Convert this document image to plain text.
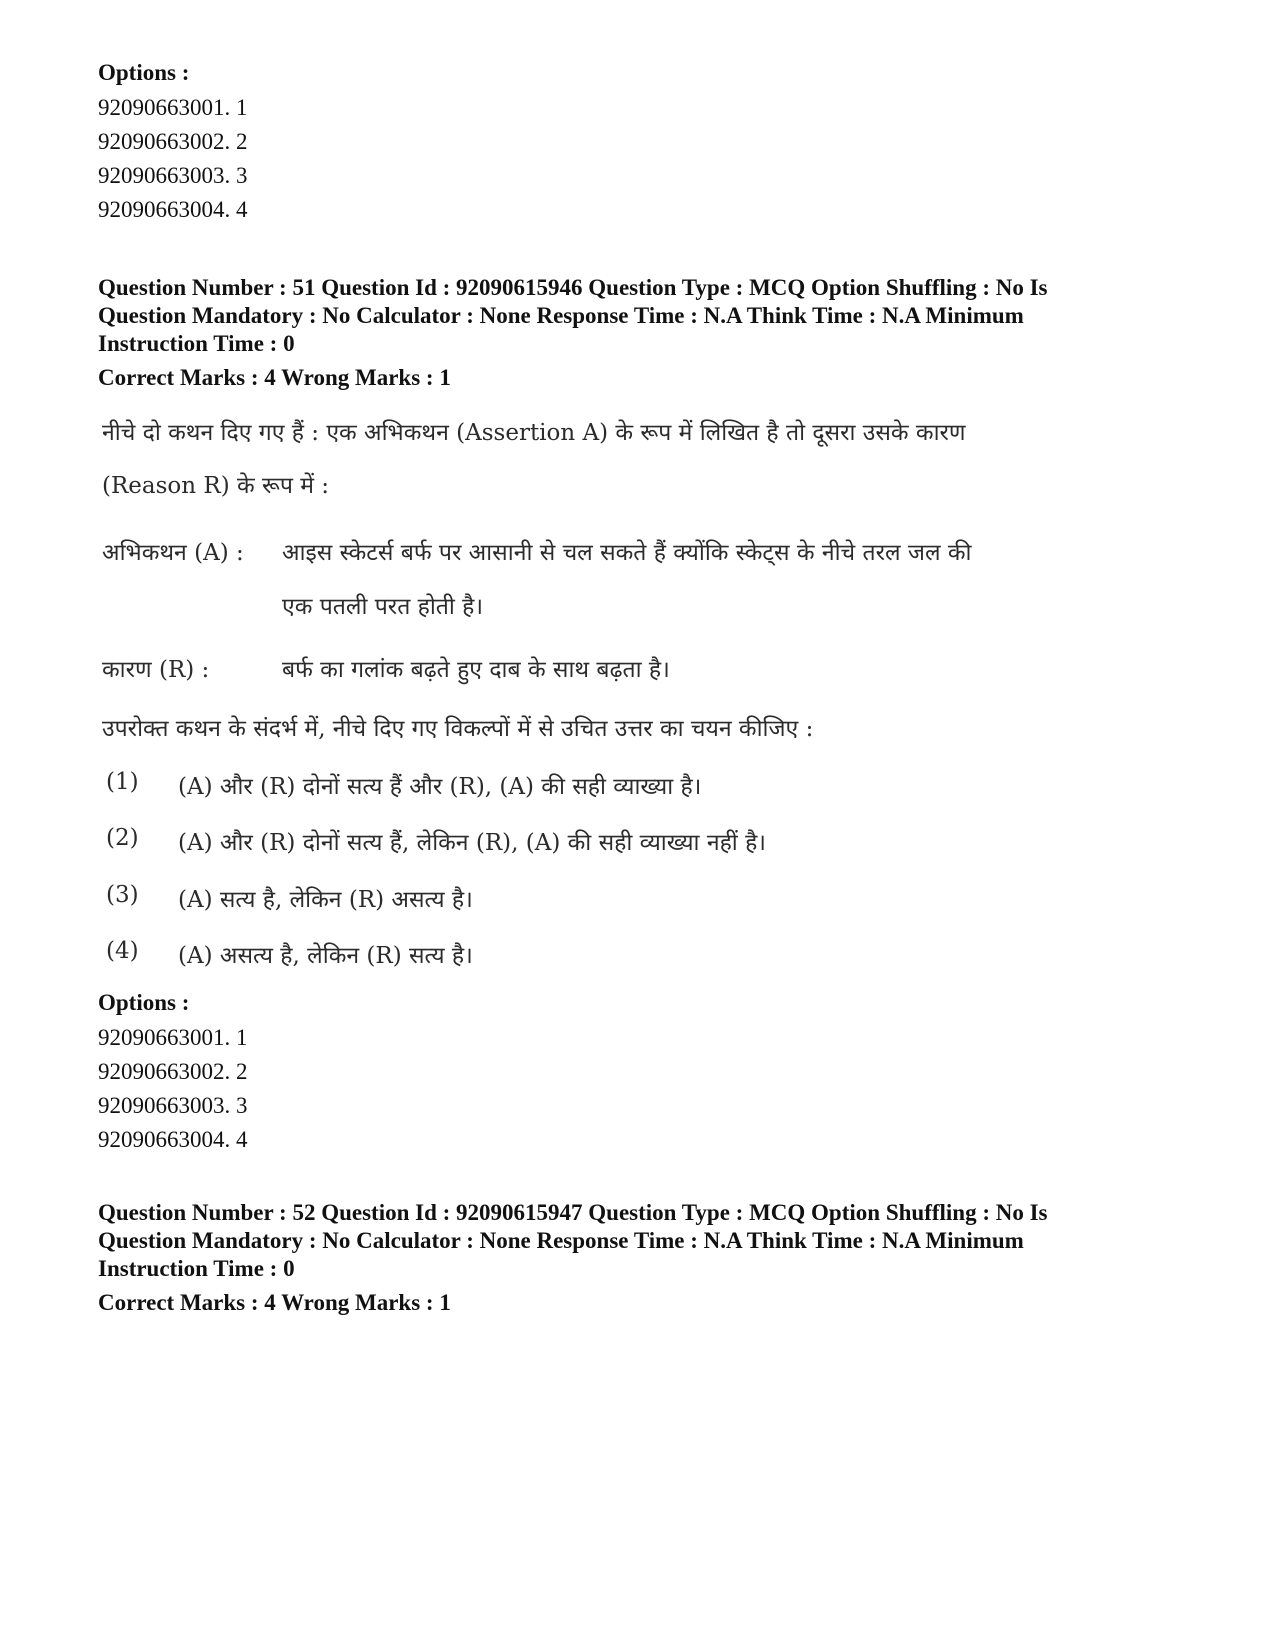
Options :

92090663001. 1

92090663002. 2

92090663003. 3

92090663004. 4

Question Number : 51 Question Id : 92090615946 Question Type : MCQ Option Shuffling : No Is

Question Mandatory : No Calculator : None Response Time : N.A Think Time : N.A Minimum

Instruction Time : 0

Correct Marks : 4 Wrong Marks : 1

नीचे दो कथन दिए गए हैं : एक अभिकथन (Assertion A) के रूप में लिखित है तो दूसरा उसके कारण
(Reason R) के रूप में :
अभिकथन (A) : आइस स्केटर्स बर्फ पर आसानी से चल सकते हैं क्योंकि स्केट्स के नीचे तरल जल की
एक पतली परत होती है।
कारण (R) :	बर्फ का गलांक बढ़ते हुए दाब के साथ बढ़ता है।
उपरोक्त कथन के संदर्भ में, नीचे दिए गए विकल्पों में से उचित उत्तर का चयन कीजिए :
(1) (A) और (R) दोनों सत्य हैं और (R), (A) की सही व्याख्या है।
(2) (A) और (R) दोनों सत्य हैं, लेकिन (R), (A) की सही व्याख्या नहीं है।
(3) (A) सत्य है, लेकिन (R) असत्य है।
(4) (A) असत्य है, लेकिन (R) सत्य है।

Options :

92090663001. 1

92090663002. 2

92090663003. 3

92090663004. 4

Question Number : 52 Question Id : 92090615947 Question Type : MCQ Option Shuffling : No Is

Question Mandatory : No Calculator : None Response Time : N.A Think Time : N.A Minimum

Instruction Time : 0

Correct Marks : 4 Wrong Marks : 1
